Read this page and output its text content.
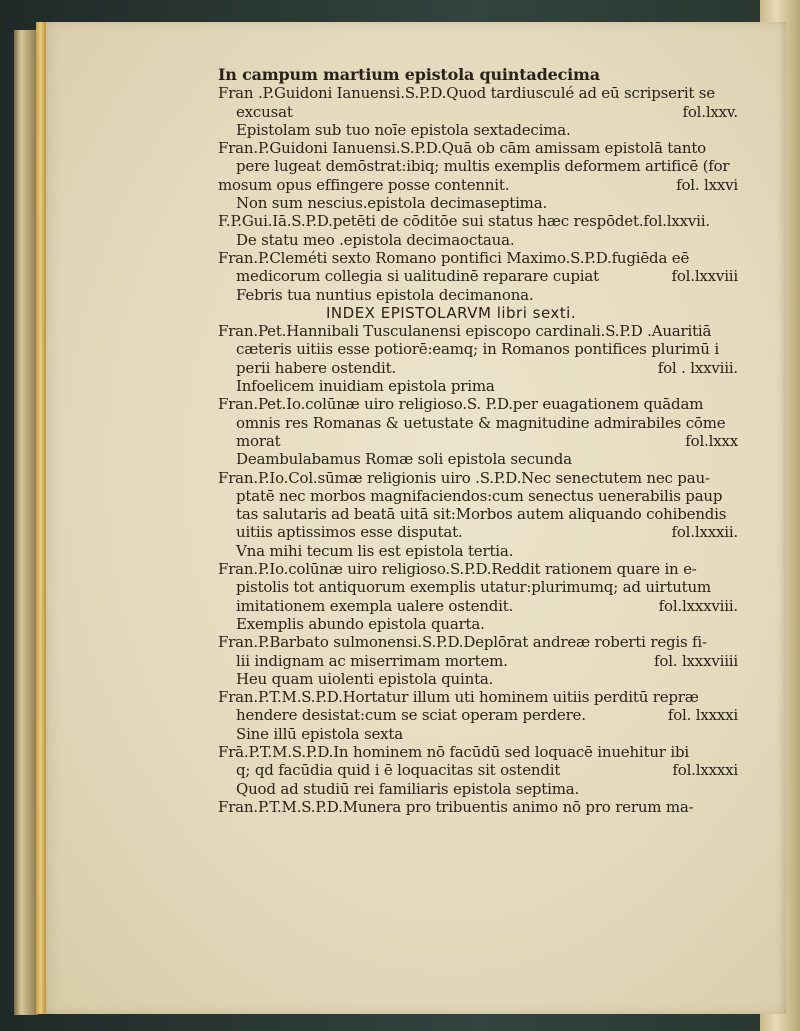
In campum martium epistola quintadecima
Fran .P.Guidoni Ianuensi.S.P.D.Quod tardiusculé ad eū scripserit se
excusat	fol.lxxv.
Epistolam sub tuo noīe epistola sextadecima.
Fran.P.Guidoni Ianuensi.S.P.D.Quā ob cām amissam epistolā tanto
pere lugeat demōstrat:ibiq; multis exemplis deformem artificē (for
mosum opus effingere posse contennit.	fol. lxxvi
Non sum nescius.epistola decimaseptima.
F.P.Gui.Iā.S.P.D.petēti de cōditōe sui status hæc respōdet.fol.lxxvii.
De statu meo .epistola decimaoctaua.
Fran.P.Cleméti sexto Romano pontifici Maximo.S.P.D.fugiēda eē
medicorum collegia si ualitudinē reparare cupiat	fol.lxxviii
Febris tua nuntius epistola decimanona.
INDEX EPISTOLARVM libri sexti.
Fran.Pet.Hannibali Tusculanensi episcopo cardinali.S.P.D .Auaritiā
cæteris uitiis esse potiorē:eamq; in Romanos pontifices plurimū i
perii habere ostendit.	fol . lxxviii.
Infoelicem inuidiam epistola prima
Fran.Pet.Io.colūnæ uiro religioso.S. P.D.per euagationem quādam
omnis res Romanas & uetustate & magnitudine admirabiles cōme
morat	fol.lxxx
Deambulabamus Romæ soli epistola secunda
Fran.P.Io.Col.sūmæ religionis uiro .S.P.D.Nec senectutem nec pau-
ptatē nec morbos magnifaciendos:cum senectus uenerabilis paup
tas salutaris ad beatā uitā sit:Morbos autem aliquando cohibendis
uitiis aptissimos esse disputat.	fol.lxxxii.
Vna mihi tecum lis est epistola tertia.
Fran.P.Io.colūnæ uiro religioso.S.P.D.Reddit rationem quare in e-
pistolis tot antiquorum exemplis utatur:plurimumq; ad uirtutum
imitationem exempla ualere ostendit.	fol.lxxxviii.
Exemplis abundo epistola quarta.
Fran.P.Barbato sulmonensi.S.P.D.Deplōrat andreæ roberti regis fi-
lii indignam ac miserrimam mortem.	fol. lxxxviiii
Heu quam uiolenti epistola quinta.
Fran.P.T.M.S.P.D.Hortatur illum uti hominem uitiis perditū repræ
hendere desistat:cum se sciat operam perdere.	fol. lxxxxi
Sine illū epistola sexta
Frā.P.T.M.S.P.D.In hominem nō facūdū sed loquacē inuehitur ibi
q; qd facūdia quid i ē loquacitas sit ostendit	fol.lxxxxi
Quod ad studiū rei familiaris epistola septima.
Fran.P.T.M.S.P.D.Munera pro tribuentis animo nō pro rerum ma-
